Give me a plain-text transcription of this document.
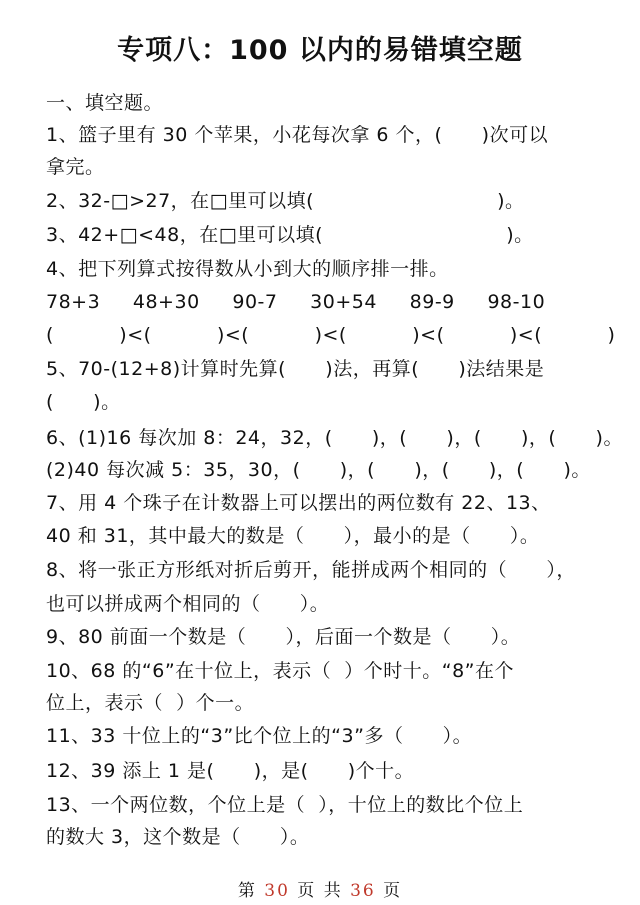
专项八：100 以内的易错填空题
一、填空题。
1、篮子里有 30 个苹果，小花每次拿 6 个，(      )次可以
拿完。
2、32-□>27，在□里可以填(                            )。
3、42+□<48，在□里可以填(                            )。
4、把下列算式按得数从小到大的顺序排一排。
78+3     48+30     90-7     30+54     89-9     98-10
(          )<(          )<(          )<(          )<(          )<(          )
5、70-(12+8)计算时先算(      )法，再算(      )法结果是
(      )。
6、(1)16 每次加 8：24，32，(      )，(      )，(      )，(      )。
(2)40 每次减 5：35，30，(      )，(      )，(      )，(      )。
7、用 4 个珠子在计数器上可以摆出的两位数有 22、13、
40 和 31，其中最大的数是（      ），最小的是（      ）。
8、将一张正方形纸对折后剪开，能拼成两个相同的（      ），
也可以拼成两个相同的（      ）。
9、80 前面一个数是（      ），后面一个数是（      ）。
10、68 的“6”在十位上，表示（  ）个时十。“8”在个
位上，表示（  ）个一。
11、33 十位上的“3”比个位上的“3”多（      ）。
12、39 添上 1 是(      )，是(      )个十。
13、一个两位数，个位上是（  ），十位上的数比个位上
的数大 3，这个数是（      ）。
第 30 页 共 36 页
